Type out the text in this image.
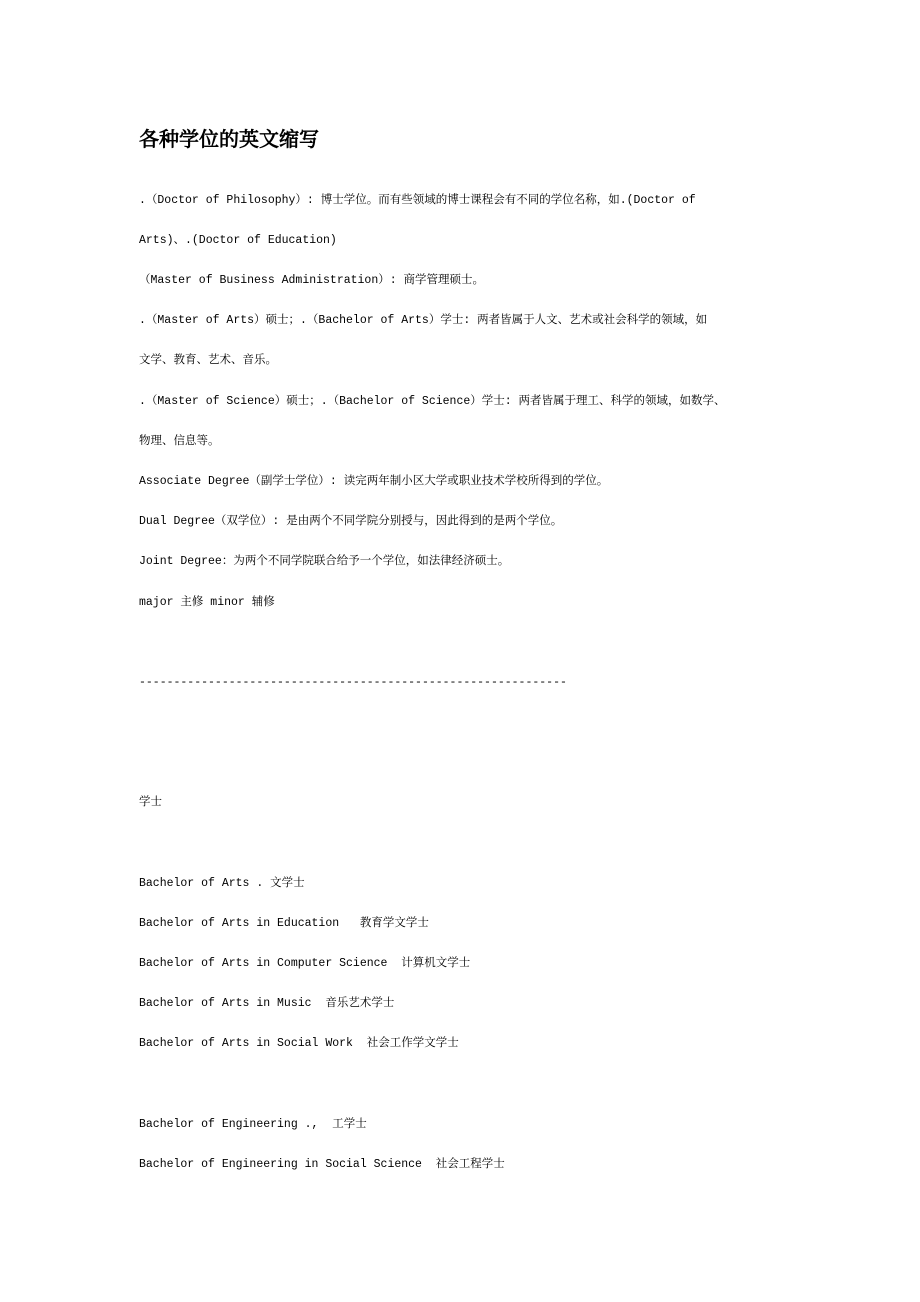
各种学位的英文缩写
.（Doctor of Philosophy）: 博士学位。而有些领域的博士课程会有不同的学位名称，如.(Doctor of
Arts)、.(Doctor of Education)
（Master of Business Administration）: 商学管理硕士。
.（Master of Arts）硕士；.（Bachelor of Arts）学士: 两者皆属于人文、艺术或社会科学的领域，如
文学、教育、艺术、音乐。
.（Master of Science）硕士；.（Bachelor of Science）学士: 两者皆属于理工、科学的领域，如数学、
物理、信息等。
Associate Degree（副学士学位）: 读完两年制小区大学或职业技术学校所得到的学位。
Dual Degree（双学位）: 是由两个不同学院分别授与，因此得到的是两个学位。
Joint Degree：为两个不同学院联合给予一个学位，如法律经济硕士。
major 主修 minor 辅修
--------------------------------------------------------------
学士
Bachelor of Arts . 文学士
Bachelor of Arts in Education   教育学文学士
Bachelor of Arts in Computer Science  计算机文学士
Bachelor of Arts in Music  音乐艺术学士
Bachelor of Arts in Social Work  社会工作学文学士
Bachelor of Engineering .,  工学士
Bachelor of Engineering in Social Science  社会工程学士
